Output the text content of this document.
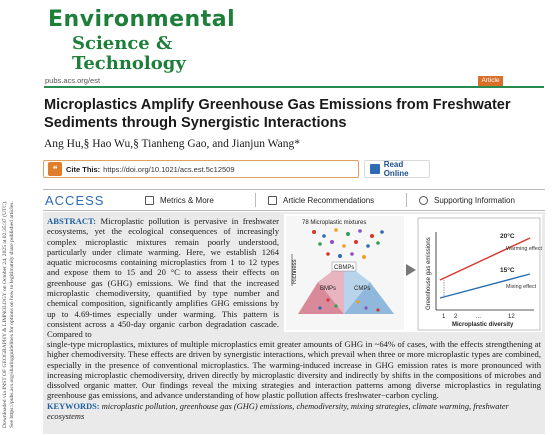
Downloaded via INST OF GEOGRAPHY & LIMNOLOGY on October 24, 2025 at 02:35:37 (UTC). See https://pubs.acs.org/sharingguidelines for options on how to legitimately share published articles.
Environmental
Science & Technology
pubs.acs.org/est	Article
Microplastics Amplify Greenhouse Gas Emissions from Freshwater Sediments through Synergistic Interactions
Ang Hu,§ Hao Wu,§ Tianheng Gao, and Jianjun Wang*
❝	Cite This: https://doi.org/10.1021/acs.est.5c12509	Read Online
ACCESS	Metrics & More	Article Recommendations	Supporting Information

ABSTRACT: Microplastic pollution is pervasive in freshwater ecosystems, yet the ecological consequences of increasingly complex microplastic mixtures remain poorly understood, particularly under climate warming. Here, we establish 1264 aquatic microcosms containing microplastics from 1 to 12 types and expose them to 15 and 20 °C to assess their effects on greenhouse gas (GHG) emissions. We find that the increased microplastic chemodiversity, quantified by type number and chemical composition, significantly amplifies GHG emissions by up to 4.69-times especially under warming. This pattern is consistent across a 450-day organic carbon degradation cascade. Compared to

78 Microplastic mixtures
CBMPs
BMPs	CMPs
Richness	Greenhouse gas emissions
1 2	...	12
Microplastic diversity
20°C
Warming effect
15°C
Mixing effect

single-type microplastics, mixtures of multiple microplastics emit greater amounts of GHG in ~64% of cases, with the effects strengthening at higher chemodiversity. These effects are driven by synergistic interactions, which prevail when three or more microplastic types are combined, especially in the presence of conventional microplastics. The warming-induced increase in GHG emission rates is more pronounced with increasing microplastic chemodiversity, driven directly by microplastic diversity and indirectly by shifts in the compositions of microbes and dissolved organic matter. Our findings reveal the mixing strategies and interaction patterns among diverse microplastics in regulating greenhouse gas emissions, and advance understanding of how plastic pollution affects freshwater−carbon cycling.

KEYWORDS: microplastic pollution, greenhouse gas (GHG) emissions, chemodiversity, mixing strategies, climate warming, freshwater ecosystems
